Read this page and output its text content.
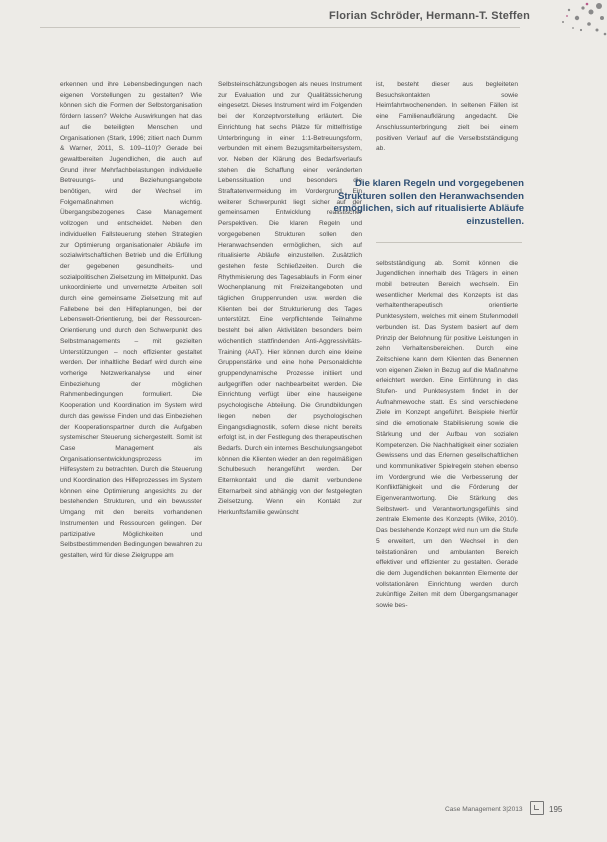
Florian Schröder, Hermann-T. Steffen

erkennen und ihre Lebensbedingungen nach eigenen Vorstellungen zu gestalten? Wie können sich die Formen der Selbstorganisation fördern lassen? Welche Auswirkungen hat das auf die beteiligten Menschen und Organisationen (Stark, 1996; zitiert nach Dumm & Warner, 2011, S. 109–110)? Gerade bei gewaltbereiten Jugendlichen, die auch auf Grund ihrer Mehrfachbelastungen individuelle Betreuungs- und Beziehungsangebote benötigen, wird der Wechsel im Folgemaßnahmen wichtig. Übergangsbezogenes Case Management vollzogen und entscheidet. Neben den individuellen Fallsteuerung stehen Strategien zur Optimierung organisationaler Abläufe im sozialwirtschaftlichen Betrieb und die Erfüllung der gegebenen gesundheits- und sozialpolitischen Zielsetzung im Mittelpunkt. Das unkoordinierte und unvernetzte Arbeiten soll durch eine gemeinsame Zielsetzung mit auf Fallebene bei den Hilfeplanungen, bei der Lebenswelt-Orientierung, bei der Ressourcen-Orientierung und durch den Schwerpunkt des Selbstmanagements – mit gezielten Unterstützungen – noch effizienter gestaltet werden. Der inhaltliche Bedarf wird durch eine vorherige Netzwerkanalyse und einer Einbeziehung der möglichen Rahmenbedingungen formuliert. Die Kooperation und Koordination im System wird durch das gewisse Finden und das Einbeziehen der Kooperationspartner durch die Aufgaben systemischer Steuerung sichergestellt. Somit ist Case Management als Organisationsentwicklungsprozess im Hilfesystem zu betrachten. Durch die Steuerung und Koordination des Hilfeprozesses im System können eine Optimierung angesichts zu der bestehenden Strukturen, und ein bewusster Umgang mit den bereits vorhandenen Instrumenten und Ressourcen gelingen. Der partizipative Möglichkeiten und Selbstbestimmenden Bedingungen bewahren zu gestalten, wird für diese Zielgruppe am

Selbsteinschätzungsbogen als neues Instrument zur Evaluation und zur Qualitätssicherung eingesetzt. Dieses Instrument wird im Folgenden bei der Konzeptvorstellung erläutert. Die Einrichtung hat sechs Plätze für mittelfristige Unterbringung in einer 1:1-Betreuungsform, verbunden mit einem Bezugsmitarbeitersystem, vor. Neben der Klärung des Bedarfsverlaufs stehen die Schaffung einer veränderten Lebenssituation und besonders die Straftatenvermeidung im Vordergrund. Ein weiterer Schwerpunkt liegt sicher auf der gemeinsamen Entwicklung realistischer Perspektiven. Die klaren Regeln und vorgegebenen Strukturen sollen den Heranwachsenden ermöglichen, sich auf ritualisierte Abläufe einzustellen. Zusätzlich gestehen feste Schließzeiten. Durch die Rhythmisierung des Tagesablaufs in Form einer Wochenplanung mit Freizeitangeboten und täglichen Gruppenrunden usw. werden die Klienten bei der Strukturierung des Tages unterstützt. Eine verpflichtende Teilnahme besteht bei allen Aktivitäten besonders beim wöchentlich stattfindenden Anti-Aggressivitäts-Training (AAT). Hier können durch eine kleine Gruppenstärke und eine hohe Personaldichte gruppendynamische Prozesse initiiert und aufgegriffen oder nachbearbeitet werden. Die Einrichtung verfügt über eine hauseigene psychologische Abteilung. Die Grundbildungen liegen neben der psychologischen Eingangsdiagnostik, sofern diese nicht bereits erfolgt ist, in der Festlegung des therapeutischen Bedarfs. Durch ein internes Beschulungsangebot können die Klienten wieder an den regelmäßigen Schulbesuch herangeführt werden. Der Elternkontakt und die damit verbundene Elternarbeit sind abhängig von der festgelegten Zielsetzung. Wenn ein Kontakt zur Herkunftsfamilie gewünscht

ist, besteht dieser aus begleiteten Besuchskontakten sowie Heimfahrtwochenenden. In seltenen Fällen ist eine Familienaufklärung angedacht. Die Anschlussunterbringung zielt bei einem positiven Verlauf auf die Verselbstständigung ab.

Die klaren Regeln und vorgegebenen Strukturen sollen den Heranwachsenden ermöglichen, sich auf ritualisierte Abläufe einzustellen.

selbstständigung ab. Somit können die Jugendlichen innerhalb des Trägers in einen mobil betreuten Bereich wechseln. Ein wesentlicher Merkmal des Konzepts ist das verhaltentherapeutisch orientierte Punktesystem, welches mit einem Stufenmodell verbunden ist. Das System basiert auf dem Prinzip der Belohnung für positive Leistungen in zehn Verhaltensbereichen. Durch eine Zeitschiene kann dem Klienten das Benennen von eigenen Zielen in Bezug auf die Maßnahme erleichtert werden. Eine Einführung in das Stufen- und Punktesystem findet in der Aufnahmewoche statt. Es sind verschiedene Ziele im Konzept angeführt. Beispiele hierfür sind die emotionale Stabilisierung sowie die Stärkung und der Aufbau von sozialen Kompetenzen. Die Nachhaltigkeit einer sozialen Gewissens und das Erlernen gesellschaftlichen und kommunikativer Spielregeln stehen ebenso im Vordergrund wie die Verbesserung der Konfliktfähigkeit und die Förderung der Eigenverantwortung. Die Stärkung des Selbstwert- und Verantwortungsgefühls sind zentrale Elemente des Konzepts (Wilke, 2010). Das bestehende Konzept wird nun um die Stufe 5 erweitert, um den Wechsel in den teilstationären und ambulanten Bereich effektiver und effizienter zu gestalten. Gerade die dem Jugendlichen bekannten Elemente der vollstationären Einrichtung werden durch zukünftige Zeiten mit dem Übergangsmanager sowie bes-

Case Management 3|2013	195
